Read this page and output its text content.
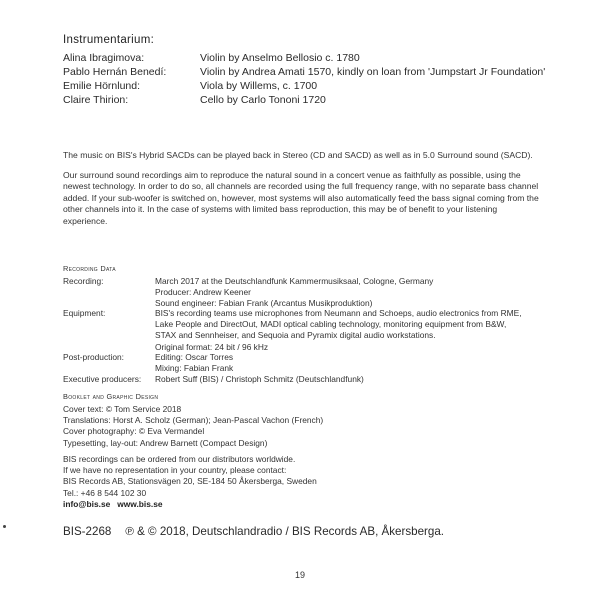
Instrumentarium:
Alina Ibragimova:	Violin by Anselmo Bellosio c. 1780
Pablo Hernán Benedí:	Violin by Andrea Amati 1570, kindly on loan from 'Jumpstart Jr Foundation'
Emilie Hörnlund:	Viola by Willems, c. 1700
Claire Thirion:	Cello by Carlo Tononi 1720

The music on BIS's Hybrid SACDs can be played back in Stereo (CD and SACD) as well as in 5.0 Surround sound (SACD).

Our surround sound recordings aim to reproduce the natural sound in a concert venue as faithfully as possible, using the newest technology. In order to do so, all channels are recorded using the full frequency range, with no separate bass channel added. If your sub-woofer is switched on, however, most systems will also automatically feed the bass signal coming from the other channels into it. In the case of systems with limited bass reproduction, this may be of benefit to your listening experience.

Recording Data
Recording:	March 2017 at the Deutschlandfunk Kammermusiksaal, Cologne, Germany
Producer: Andrew Keener
Sound engineer: Fabian Frank (Arcantus Musikproduktion)
Equipment:	BIS's recording teams use microphones from Neumann and Schoeps, audio electronics from RME,
Lake People and DirectOut, MADI optical cabling technology, monitoring equipment from B&W,
STAX and Sennheiser, and Sequoia and Pyramix digital audio workstations.
Original format: 24 bit / 96 kHz
Post-production:	Editing: Oscar Torres
Mixing: Fabian Frank
Executive producers: Robert Suff (BIS) / Christoph Schmitz (Deutschlandfunk)
Booklet and Graphic Design
Cover text: © Tom Service 2018
Translations: Horst A. Scholz (German); Jean-Pascal Vachon (French)
Cover photography: © Eva Vermandel
Typesetting, lay-out: Andrew Barnett (Compact Design)
BIS recordings can be ordered from our distributors worldwide.
If we have no representation in your country, please contact:
BIS Records AB, Stationsvägen 20, SE-184 50 Åkersberga, Sweden
Tel.: +46 8 544 102 30
info@bis.se   www.bis.se
BIS-2268 ℗ & © 2018, Deutschlandradio / BIS Records AB, Åkersberga.
19
